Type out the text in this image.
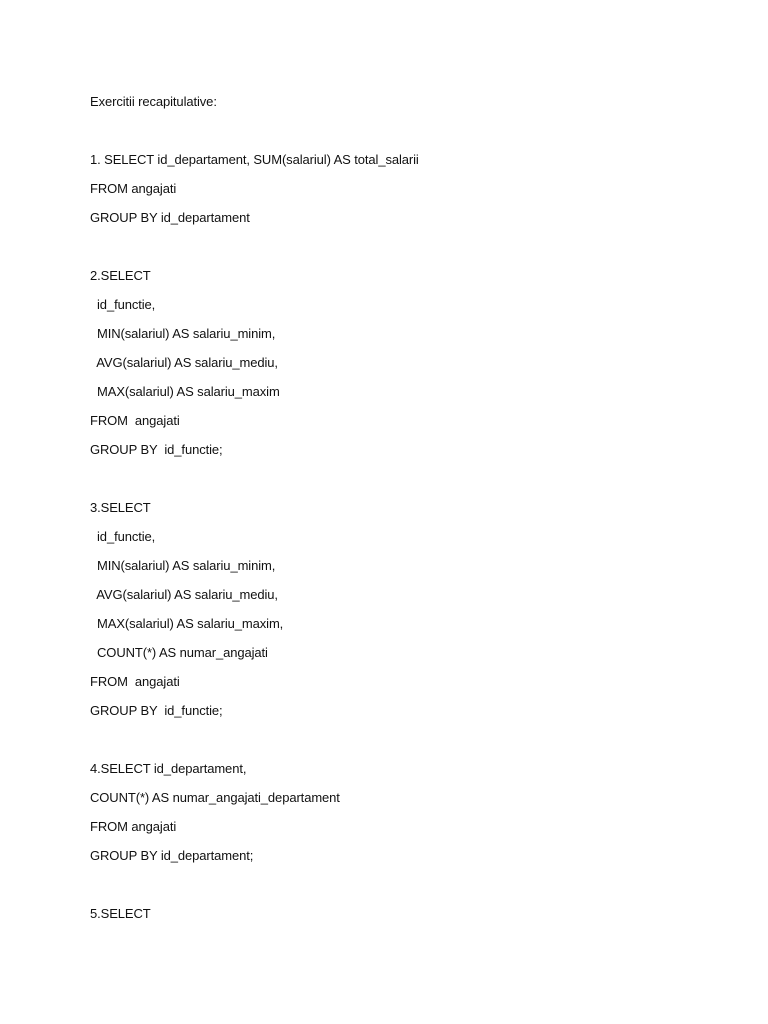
Exercitii recapitulative:
1. SELECT id_departament, SUM(salariul) AS total_salarii
FROM angajati
GROUP BY id_departament
2.SELECT
id_functie,
MIN(salariul) AS salariu_minim,
AVG(salariul) AS salariu_mediu,
MAX(salariul) AS salariu_maxim
FROM  angajati
GROUP BY  id_functie;
3.SELECT
id_functie,
MIN(salariul) AS salariu_minim,
AVG(salariul) AS salariu_mediu,
MAX(salariul) AS salariu_maxim,
COUNT(*) AS numar_angajati
FROM  angajati
GROUP BY  id_functie;
4.SELECT id_departament,
COUNT(*) AS numar_angajati_departament
FROM angajati
GROUP BY id_departament;
5.SELECT
